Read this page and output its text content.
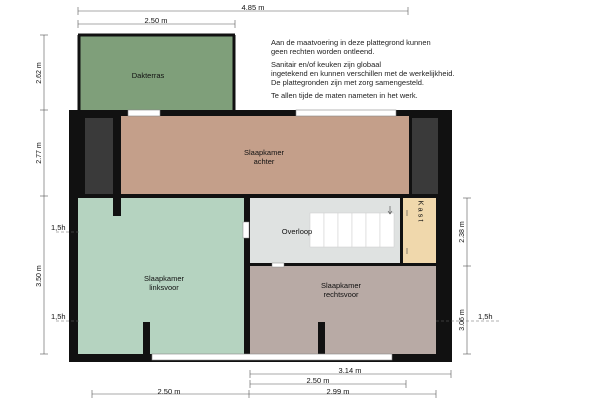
Dakterras
Slaapkamer
achter
Slaapkamer
linksvoor
Overloop
Kast
Slaapkamer
rechtsvoor
4.85 m
2.50 m
2.62 m
2.77 m
3.50 m
1,5h
1,5h
2.38 m
3.06 m 1,5h
3.14 m
2.50 m
2.50 m	2.99 m
Aan de maatvoering in deze plattegrond kunnen
geen rechten worden ontleend.
Sanitair en/of keuken zijn globaal
ingetekend en kunnen verschillen met de werkelijkheid.
De plattegronden zijn met zorg samengesteld.
Te allen tijde de maten nameten in het werk.
